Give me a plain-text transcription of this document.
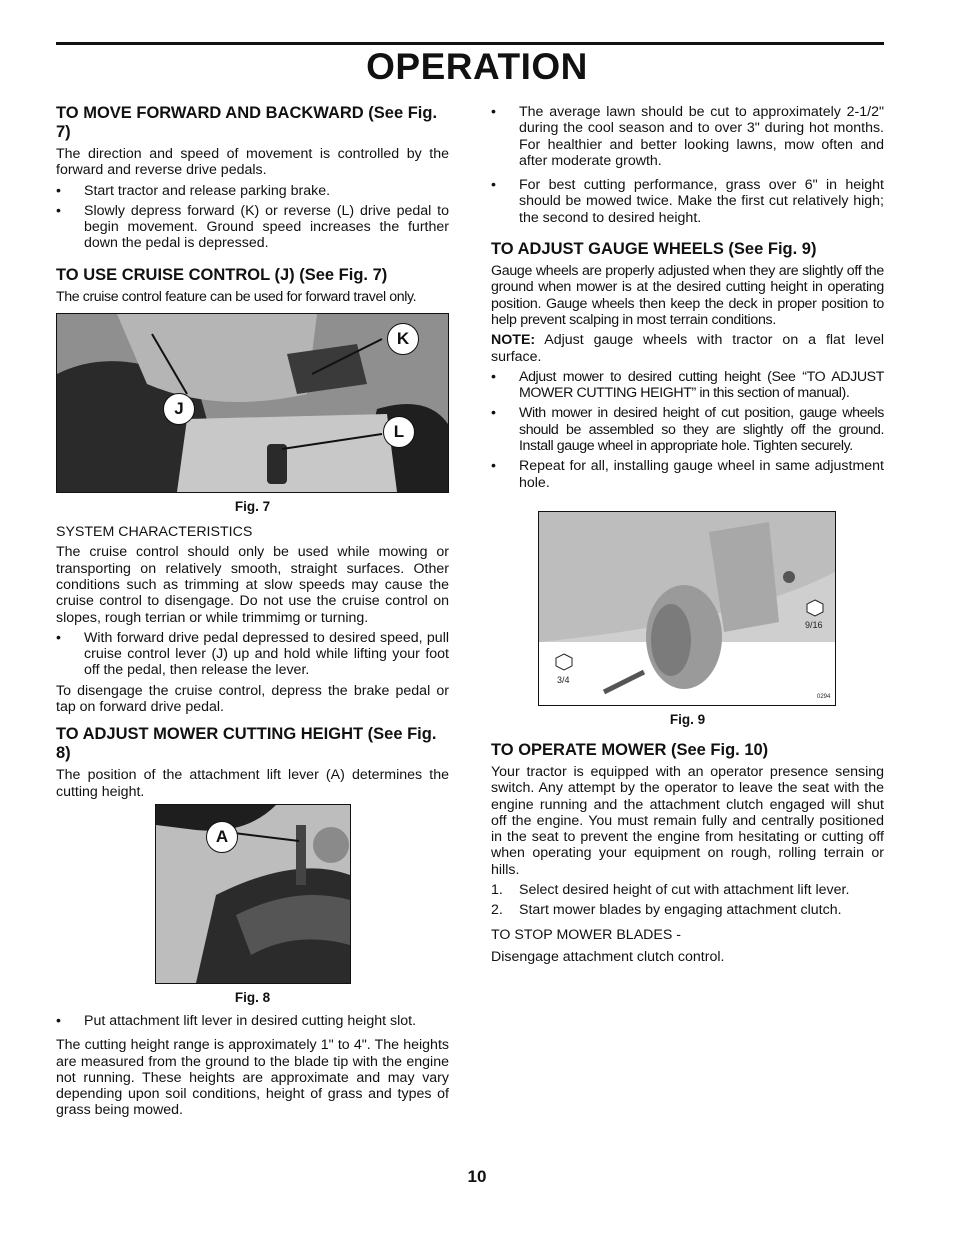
OPERATION
TO MOVE FORWARD AND BACKWARD (See Fig. 7)

The direction and speed of movement is controlled by the forward and reverse drive pedals.

• Start tractor and release parking brake.
• Slowly depress forward (K) or reverse (L) drive pedal to begin movement. Ground speed increases the further down the pedal is depressed.
TO USE CRUISE CONTROL (J) (See Fig. 7)

The cruise control feature can be used for forward travel only.

K
J
L
Fig. 7

SYSTEM CHARACTERISTICS

The cruise control should only be used while mowing or transporting on relatively smooth, straight surfaces. Other conditions such as trimming at slow speeds may cause the cruise control to disengage. Do not use the cruise control on slopes, rough terrian or while trimmimg or turning.

• With forward drive pedal depressed to desired speed, pull cruise control lever (J) up and hold while lifting your foot off the pedal, then release the lever.

To disengage the cruise control, depress the brake pedal or tap on forward drive pedal.

TO ADJUST MOWER CUTTING HEIGHT (See Fig. 8)

The position of the attachment lift lever (A) determines the cutting height.

A
Fig. 8
• Put attachment lift lever in desired cutting height slot.

The cutting height range is approximately 1" to 4". The heights are measured from the ground to the blade tip with the engine not running. These heights are approximate and may vary depending upon soil conditions, height of grass and types of grass being mowed.

• The average lawn should be cut to approximately 2-1/2" during the cool season and to over 3" during hot months. For healthier and better looking lawns, mow often and after moderate growth.
• For best cutting performance, grass over 6" in height should be mowed twice. Make the first cut relatively high; the second to desired height.
TO ADJUST GAUGE WHEELS (See Fig. 9)

Gauge wheels are properly adjusted when they are slightly off the ground when mower is at the desired cutting height in operating position. Gauge wheels then keep the deck in proper position to help prevent scalping in most terrain conditions.

NOTE: Adjust gauge wheels with tractor on a flat level surface.

• Adjust mower to desired cutting height (See “TO ADJUST MOWER CUTTING HEIGHT” in this section of manual).
• With mower in desired height of cut position, gauge wheels should be assembled so they are slightly off the ground. Install gauge wheel in appropriate hole. Tighten securely.
• Repeat for all, installing gauge wheel in same adjustment hole.
9/16
3/4
0294
Fig. 9
TO OPERATE MOWER (See Fig. 10)

Your tractor is equipped with an operator presence sensing switch. Any attempt by the operator to leave the seat with the engine running and the attachment clutch engaged will shut off the engine. You must remain fully and centrally positioned in the seat to prevent the engine from hesitating or cutting off when operating your equipment on rough, rolling terrain or hills.

1. Select desired height of cut with attachment lift lever.
2. Start mower blades by engaging attachment clutch.

TO STOP MOWER BLADES -

Disengage attachment clutch control.

10
